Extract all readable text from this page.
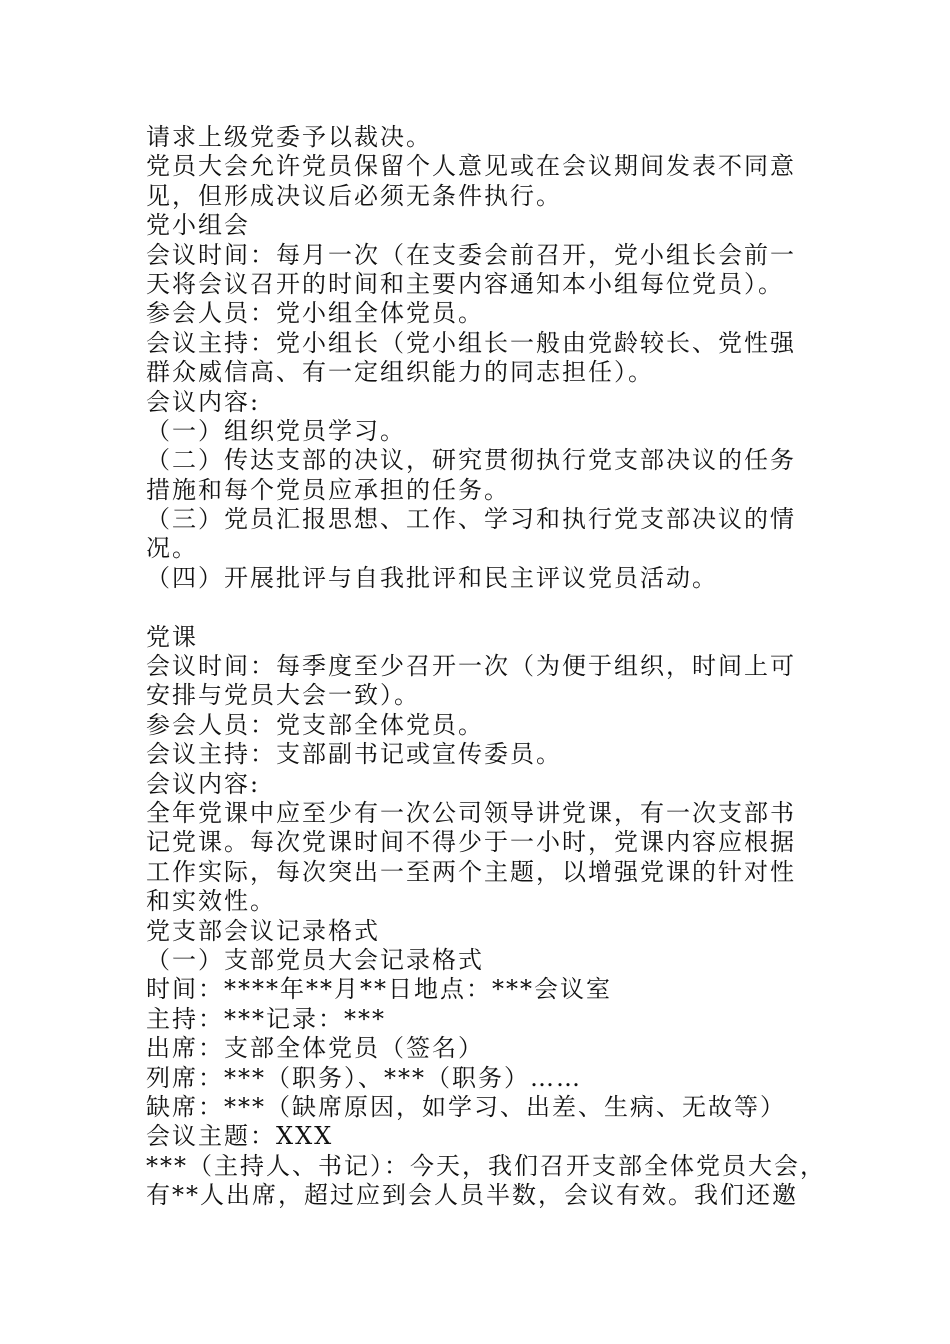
请求上级党委予以裁决。
党员大会允许党员保留个人意见或在会议期间发表不同意
见，但形成决议后必须无条件执行。
党小组会
会议时间：每月一次（在支委会前召开，党小组长会前一
天将会议召开的时间和主要内容通知本小组每位党员）。
参会人员：党小组全体党员。
会议主持：党小组长（党小组长一般由党龄较长、党性强
群众威信高、有一定组织能力的同志担任）。
会议内容:
（一）组织党员学习。
（二）传达支部的决议，研究贯彻执行党支部决议的任务
措施和每个党员应承担的任务。
（三）党员汇报思想、工作、学习和执行党支部决议的情
况。
（四）开展批评与自我批评和民主评议党员活动。
党课
会议时间：每季度至少召开一次（为便于组织，时间上可
安排与党员大会一致）。
参会人员：党支部全体党员。
会议主持：支部副书记或宣传委员。
会议内容:
全年党课中应至少有一次公司领导讲党课，有一次支部书
记党课。每次党课时间不得少于一小时，党课内容应根据
工作实际，每次突出一至两个主题，以增强党课的针对性
和实效性。
党支部会议记录格式
（一）支部党员大会记录格式
时间：****年**月**日地点：***会议室
主持：***记录：***
出席：支部全体党员（签名）
列席：***（职务）、***（职务）……
缺席：***（缺席原因，如学习、出差、生病、无故等）
会议主题：XXX
***（主持人、书记）：今天，我们召开支部全体党员大会，
有**人出席，超过应到会人员半数，会议有效。我们还邀
